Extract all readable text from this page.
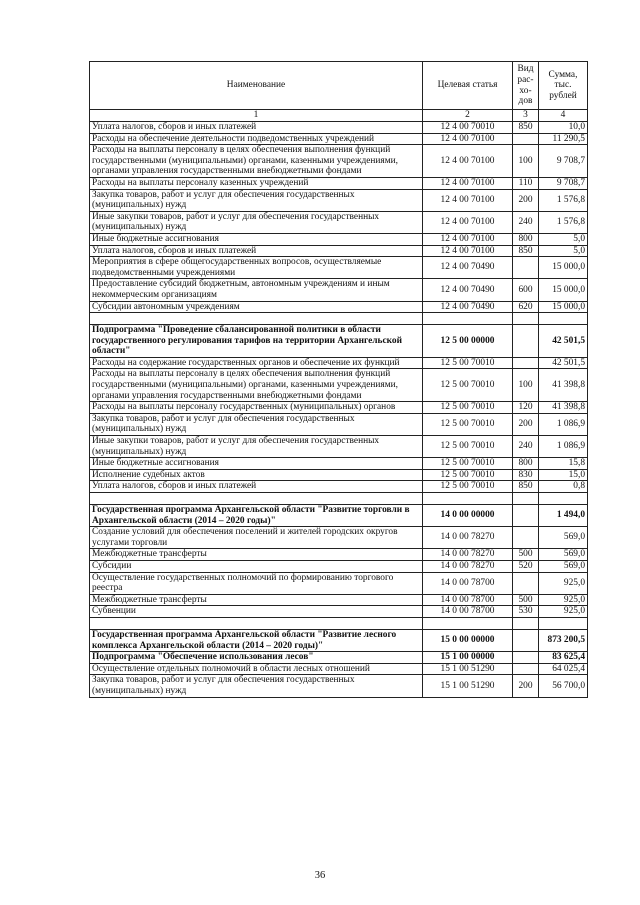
Наименование	Целевая статья	Вид рас- хо- дов	Сумма, тыс. рублей
1	2	3	4
Уплата налогов, сборов и иных платежей	12 4 00 70010	850	10,0
Расходы на обеспечение деятельности подведомственных учреждений	12 4 00 70100		11 290,5
Расходы на выплаты персоналу в целях обеспечения выполнения функций государственными (муниципальными) органами, казенными учреждениями, органами управления государственными внебюджетными фондами	12 4 00 70100	100	9 708,7
Расходы на выплаты персоналу казенных учреждений	12 4 00 70100	110	9 708,7
Закупка товаров, работ и услуг для обеспечения государственных (муниципальных) нужд	12 4 00 70100	200	1 576,8
Иные закупки товаров, работ и услуг для обеспечения государственных (муниципальных) нужд	12 4 00 70100	240	1 576,8
Иные бюджетные ассигнования	12 4 00 70100	800	5,0
Уплата налогов, сборов и иных платежей	12 4 00 70100	850	5,0
Мероприятия в сфере общегосударственных вопросов, осуществляемые подведомственными учреждениями	12 4 00 70490		15 000,0
Предоставление субсидий бюджетным, автономным учреждениям и иным некоммерческим организациям	12 4 00 70490	600	15 000,0
Субсидии автономным учреждениям	12 4 00 70490	620	15 000,0

Подпрограмма "Проведение сбалансированной политики в области государственного регулирования тарифов на территории Архангельской области"	12 5 00 00000		42 501,5
Расходы на содержание государственных органов и обеспечение их функций	12 5 00 70010		42 501,5
Расходы на выплаты персоналу в целях обеспечения выполнения функций государственными (муниципальными) органами, казенными учреждениями, органами управления государственными внебюджетными фондами	12 5 00 70010	100	41 398,8
Расходы на выплаты персоналу государственных (муниципальных) органов	12 5 00 70010	120	41 398,8
Закупка товаров, работ и услуг для обеспечения государственных (муниципальных) нужд	12 5 00 70010	200	1 086,9
Иные закупки товаров, работ и услуг для обеспечения государственных (муниципальных) нужд	12 5 00 70010	240	1 086,9
Иные бюджетные ассигнования	12 5 00 70010	800	15,8
Исполнение судебных актов	12 5 00 70010	830	15,0
Уплата налогов, сборов и иных платежей	12 5 00 70010	850	0,8

Государственная программа Архангельской области "Развитие торговли в Архангельской области (2014 – 2020 годы)"	14 0 00 00000		1 494,0
Создание условий для обеспечения поселений и жителей городских округов услугами торговли	14 0 00 78270		569,0
Межбюджетные трансферты	14 0 00 78270	500	569,0
Субсидии	14 0 00 78270	520	569,0
Осуществление государственных полномочий по формированию торгового реестра	14 0 00 78700		925,0
Межбюджетные трансферты	14 0 00 78700	500	925,0
Субвенции	14 0 00 78700	530	925,0

Государственная программа Архангельской области "Развитие лесного комплекса Архангельской области (2014 – 2020 годы)"	15 0 00 00000		873 200,5
Подпрограмма "Обеспечение использования лесов"	15 1 00 00000		83 625,4
Осуществление отдельных полномочий в области лесных отношений	15 1 00 51290		64 025,4
Закупка товаров, работ и услуг для обеспечения государственных (муниципальных) нужд	15 1 00 51290	200	56 700,0
36
